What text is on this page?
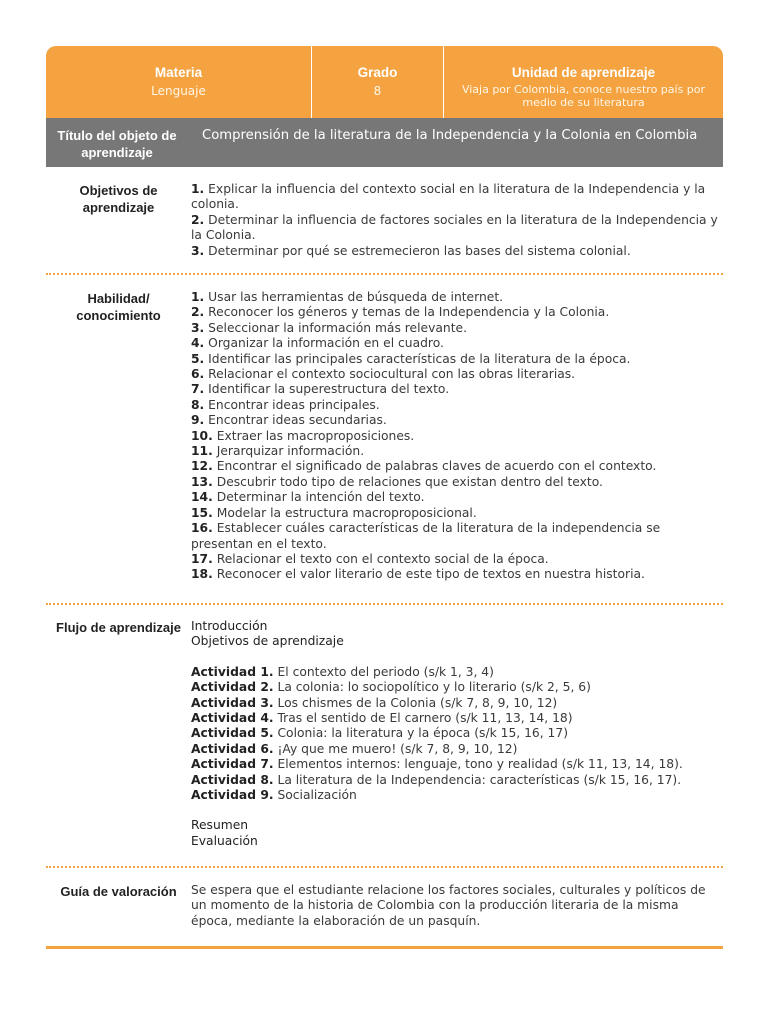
Materia
Lenguaje
Grado
8
Unidad de aprendizaje
Viaja por Colombia, conoce nuestro país por medio de su literatura
Título del objeto de aprendizaje
Comprensión de la literatura de la Independencia y la Colonia en Colombia
Objetivos de aprendizaje
1. Explicar la influencia del contexto social en la literatura de la Independencia y la colonia.
2. Determinar la influencia de factores sociales en la literatura de la Independencia y la Colonia.
3. Determinar por qué se estremecieron las bases del sistema colonial.
Habilidad/ conocimiento
1. Usar las herramientas de búsqueda de internet.
2. Reconocer los géneros y temas de la Independencia y la Colonia.
3. Seleccionar la información más relevante.
4. Organizar la información en el cuadro.
5. Identificar las principales características de la literatura de la época.
6. Relacionar el contexto sociocultural con las obras literarias.
7. Identificar la superestructura del texto.
8. Encontrar ideas principales.
9. Encontrar ideas secundarias.
10. Extraer las macroproposiciones.
11. Jerarquizar información.
12. Encontrar el significado de palabras claves de acuerdo con el contexto.
13. Descubrir todo tipo de relaciones que existan dentro del texto.
14. Determinar la intención del texto.
15. Modelar la estructura macroproposicional.
16. Establecer cuáles características de la literatura de la independencia se presentan en el texto.
17. Relacionar el texto con el contexto social de la época.
18. Reconocer el valor literario de este tipo de textos en nuestra historia.
Flujo de aprendizaje Introducción
Objetivos de aprendizaje
Actividad 1. El contexto del periodo (s/k 1, 3, 4)
Actividad 2. La colonia: lo sociopolítico y lo literario (s/k 2, 5, 6)
Actividad 3. Los chismes de la Colonia (s/k 7, 8, 9, 10, 12)
Actividad 4. Tras el sentido de El carnero (s/k 11, 13, 14, 18)
Actividad 5. Colonia: la literatura y la época (s/k 15, 16, 17)
Actividad 6. ¡Ay que me muero! (s/k 7, 8, 9, 10, 12)
Actividad 7. Elementos internos: lenguaje, tono y realidad (s/k 11, 13, 14, 18).
Actividad 8. La literatura de la Independencia: características (s/k 15, 16, 17).
Actividad 9. Socialización
Resumen
Evaluación
Guía de valoración	Se espera que el estudiante relacione los factores sociales, culturales y políticos de un momento de la historia de Colombia con la producción literaria de la misma época, mediante la elaboración de un pasquín.
